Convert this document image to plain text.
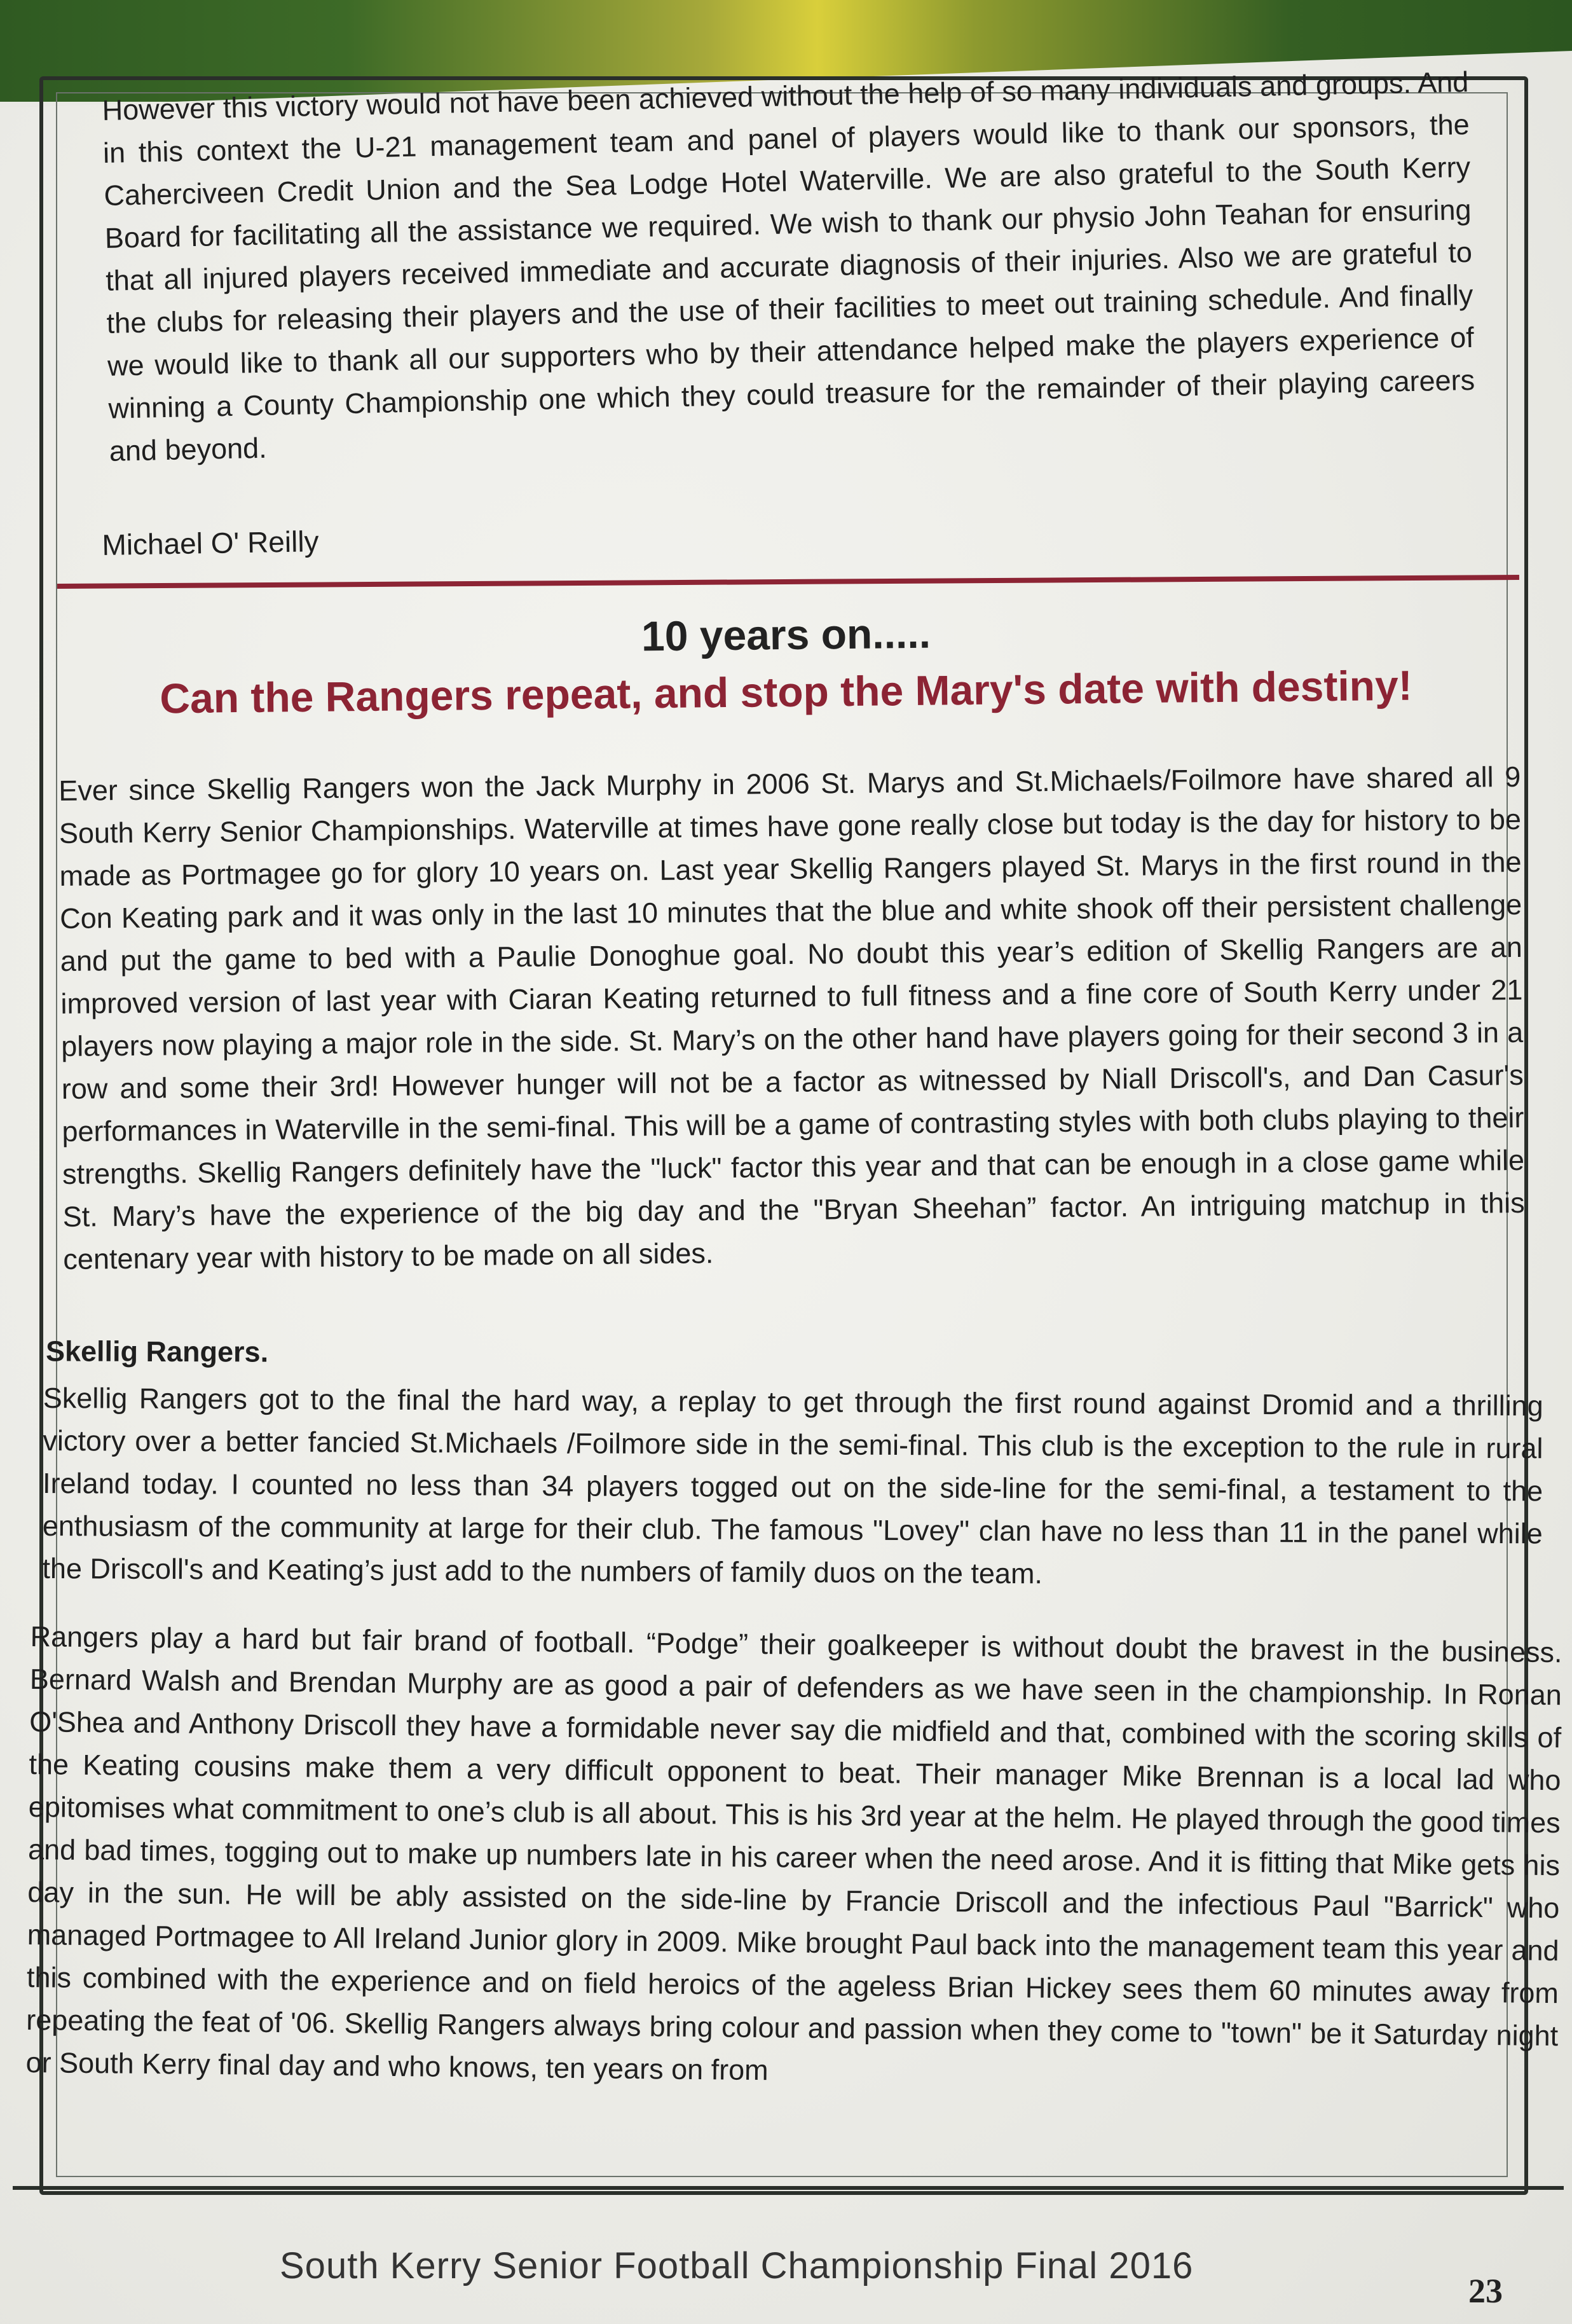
However this victory would not have been achieved without the help of so many individuals and groups. And in this context the U-21 management team and panel of players would like to thank our sponsors, the Caherciveen Credit Union and the Sea Lodge Hotel Waterville. We are also grateful to the South Kerry Board for facilitating all the assistance we required. We wish to thank our physio John Teahan for ensuring that all injured players received immediate and accurate diagnosis of their injuries. Also we are grateful to the clubs for releasing their players and the use of their facilities to meet out training schedule. And finally we would like to thank all our supporters who by their attendance helped make the players experience of winning a County Championship one which they could treasure for the remainder of their playing careers and beyond.
Michael O' Reilly
10 years on.....
Can the Rangers repeat, and stop the Mary's date with destiny!
Ever since Skellig Rangers won the Jack Murphy in 2006 St. Marys and St.Michaels/Foilmore have shared all 9 South Kerry Senior Championships. Waterville at times have gone really close but today is the day for history to be made as Portmagee go for glory 10 years on. Last year Skellig Rangers played St. Marys in the first round in the Con Keating park and it was only in the last 10 minutes that the blue and white shook off their persistent challenge and put the game to bed with a Paulie Donoghue goal. No doubt this year’s edition of Skellig Rangers are an improved version of last year with Ciaran Keating returned to full fitness and a fine core of South Kerry under 21 players now playing a major role in the side. St. Mary’s on the other hand have players going for their second 3 in a row and some their 3rd! However hunger will not be a factor as witnessed by Niall Driscoll's, and Dan Casur's performances in Waterville in the semi-final. This will be a game of contrasting styles with both clubs playing to their strengths. Skellig Rangers definitely have the "luck" factor this year and that can be enough in a close game while St. Mary’s have the experience of the big day and the "Bryan Sheehan” factor. An intriguing matchup in this centenary year with history to be made on all sides.
Skellig Rangers.
Skellig Rangers got to the final the hard way, a replay to get through the first round against Dromid and a thrilling victory over a better fancied St.Michaels /Foilmore side in the semi-final. This club is the exception to the rule in rural Ireland today. I counted no less than 34 players togged out on the side-line for the semi-final, a testament to the enthusiasm of the community at large for their club. The famous "Lovey" clan have no less than 11 in the panel while the Driscoll's and Keating’s just add to the numbers of family duos on the team.
Rangers play a hard but fair brand of football. “Podge” their goalkeeper is without doubt the bravest in the business. Bernard Walsh and Brendan Murphy are as good a pair of defenders as we have seen in the championship. In Ronan O'Shea and Anthony Driscoll they have a formidable never say die midfield and that, combined with the scoring skills of the Keating cousins make them a very difficult opponent to beat. Their manager Mike Brennan is a local lad who epitomises what commitment to one’s club is all about. This is his 3rd year at the helm. He played through the good times and bad times, togging out to make up numbers late in his career when the need arose. And it is fitting that Mike gets his day in the sun. He will be ably assisted on the side-line by Francie Driscoll and the infectious Paul "Barrick" who managed Portmagee to All Ireland Junior glory in 2009. Mike brought Paul back into the management team this year and this combined with the experience and on field heroics of the ageless Brian Hickey sees them 60 minutes away from repeating the feat of '06. Skellig Rangers always bring colour and passion when they come to "town" be it Saturday night or South Kerry final day and who knows, ten years on from
South Kerry Senior Football Championship Final 2016
23
